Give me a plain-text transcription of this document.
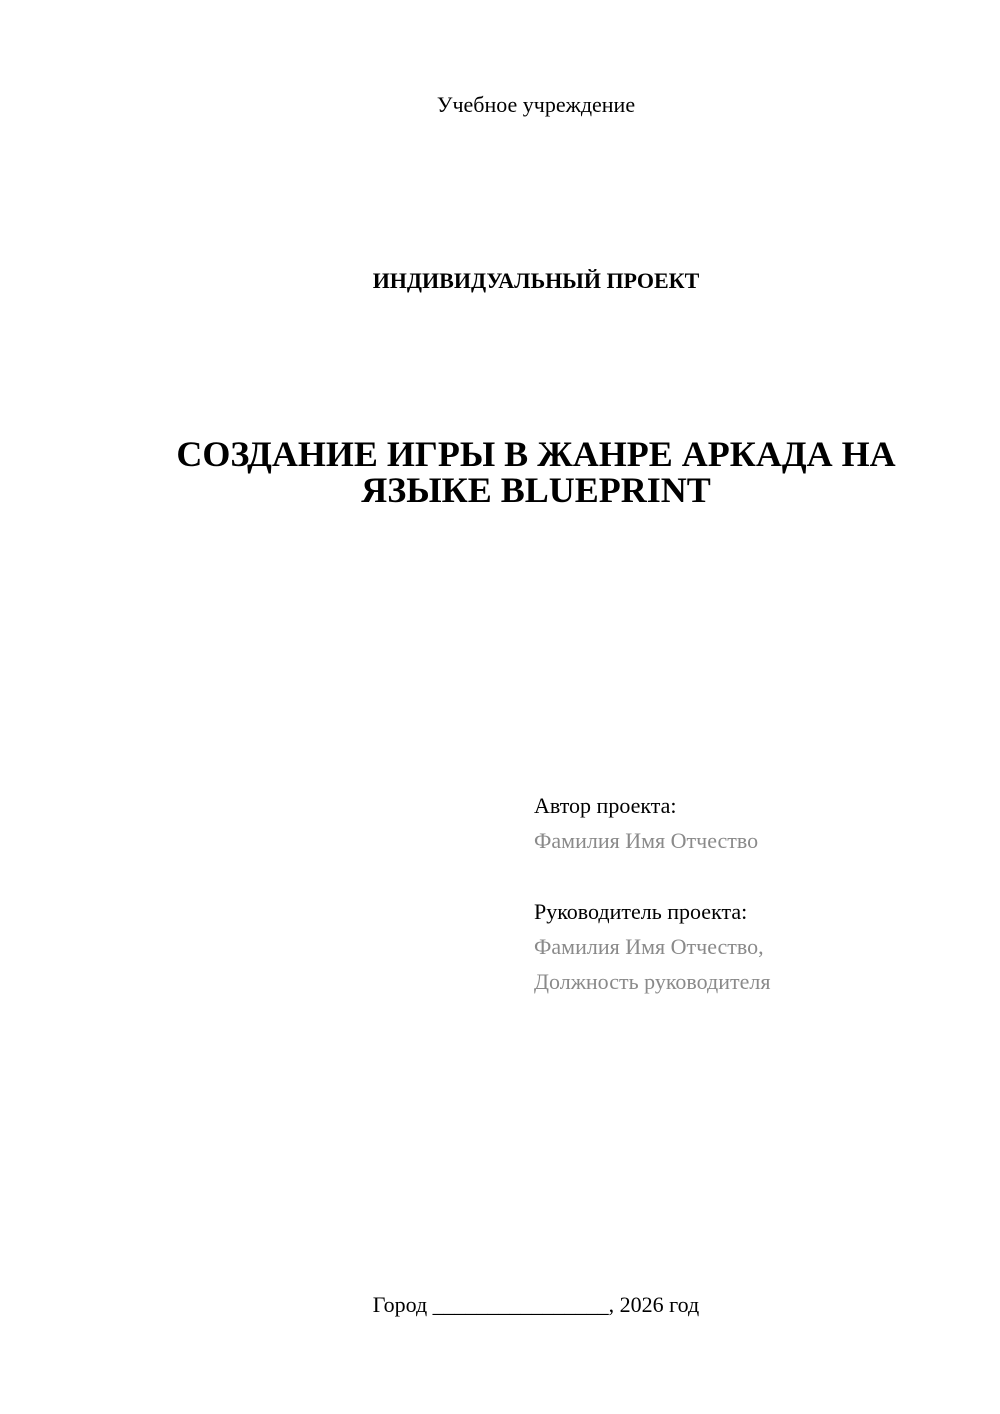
Учебное учреждение
ИНДИВИДУАЛЬНЫЙ ПРОЕКТ
СОЗДАНИЕ ИГРЫ В ЖАНРЕ АРКАДА НА
ЯЗЫКЕ BLUEPRINT
Автор проекта:
Фамилия Имя Отчество
Руководитель проекта:
Фамилия Имя Отчество,
Должность руководителя
Город ________________, 2026 год
